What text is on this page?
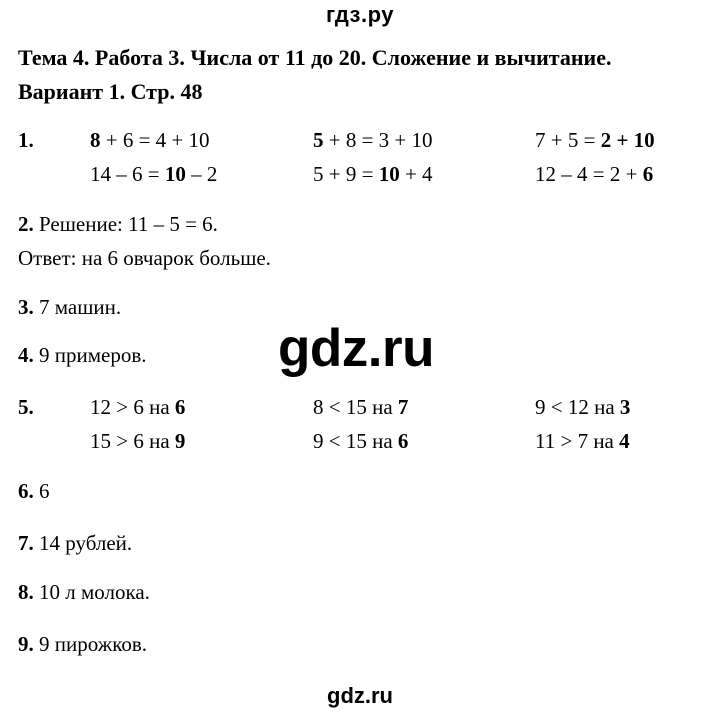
гдз.ру
Тема 4. Работа 3. Числа от 11 до 20. Сложение и вычитание.
Вариант 1. Стр. 48
1.	8 + 6 = 4 + 10	5 + 8 = 3 + 10	7 + 5 = 2 + 10
14 – 6 = 10 – 2	5 + 9 = 10 + 4	12 – 4 = 2 + 6
2. Решение: 11 – 5 = 6.
Ответ: на 6 овчарок больше.
3. 7 машин.
4. 9 примеров. gdz.ru
5.	12 > 6 на 6	8 < 15 на 7	9 < 12 на 3
15 > 6 на 9	9 < 15 на 6	11 > 7 на 4
6. 6
7. 14 рублей.
8. 10 л молока.
9. 9 пирожков.
gdz.ru
